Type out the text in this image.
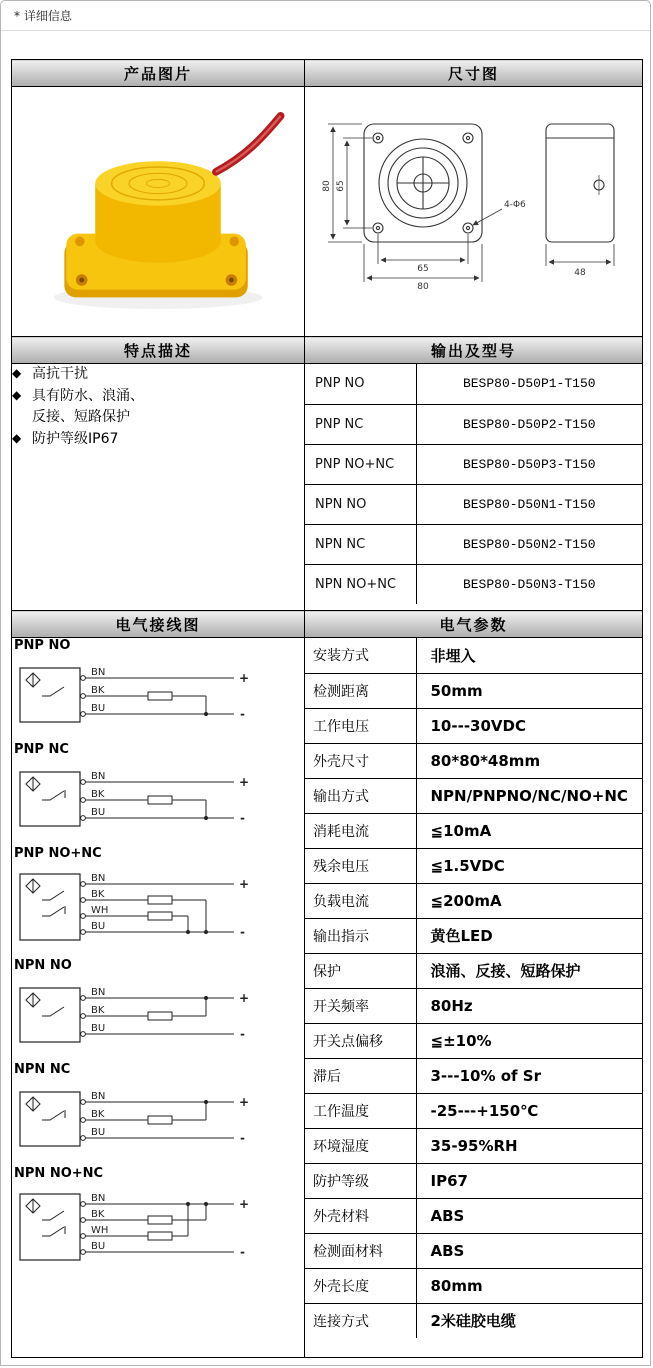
* 详细信息
产品图片	尺寸图

80 65
65
80
4-Φ6
48

特点描述	输出及型号

◆ 高抗干扰
◆ 具有防水、浪涌、反接、短路保护
◆ 防护等级IP67

PNP NO	BESP80-D50P1-T150
PNP NC	BESP80-D50P2-T150
PNP NO+NC	BESP80-D50P3-T150
NPN NO	BESP80-D50N1-T150
NPN NC	BESP80-D50N2-T150
NPN NO+NC	BESP80-D50N3-T150

电气接线图	电气参数

PNP NO
BN
BK
BU
+
-
PNP NC
BN
BK
BU
+
-
PNP NO+NC
BN
BK
WH
BU
+
-
NPN NO
BN
BK
BU
+
-
NPN NC
BN
BK
BU
+
-
NPN NO+NC
BN
BK
WH
BU
+
-

安装方式	非埋入
检测距离	50mm
工作电压	10---30VDC
外壳尺寸	80*80*48mm
输出方式	NPN/PNPNO/NC/NO+NC
消耗电流	≦10mA
残余电压	≦1.5VDC
负载电流	≦200mA
输出指示	黄色LED
保护	浪涌、反接、短路保护
开关频率	80Hz
开关点偏移	≦±10%
滞后	3---10% of Sr
工作温度	-25---+150℃
环境湿度	35-95%RH
防护等级	IP67
外壳材料	ABS
检测面材料	ABS
外壳长度	80mm
连接方式	2米硅胶电缆
